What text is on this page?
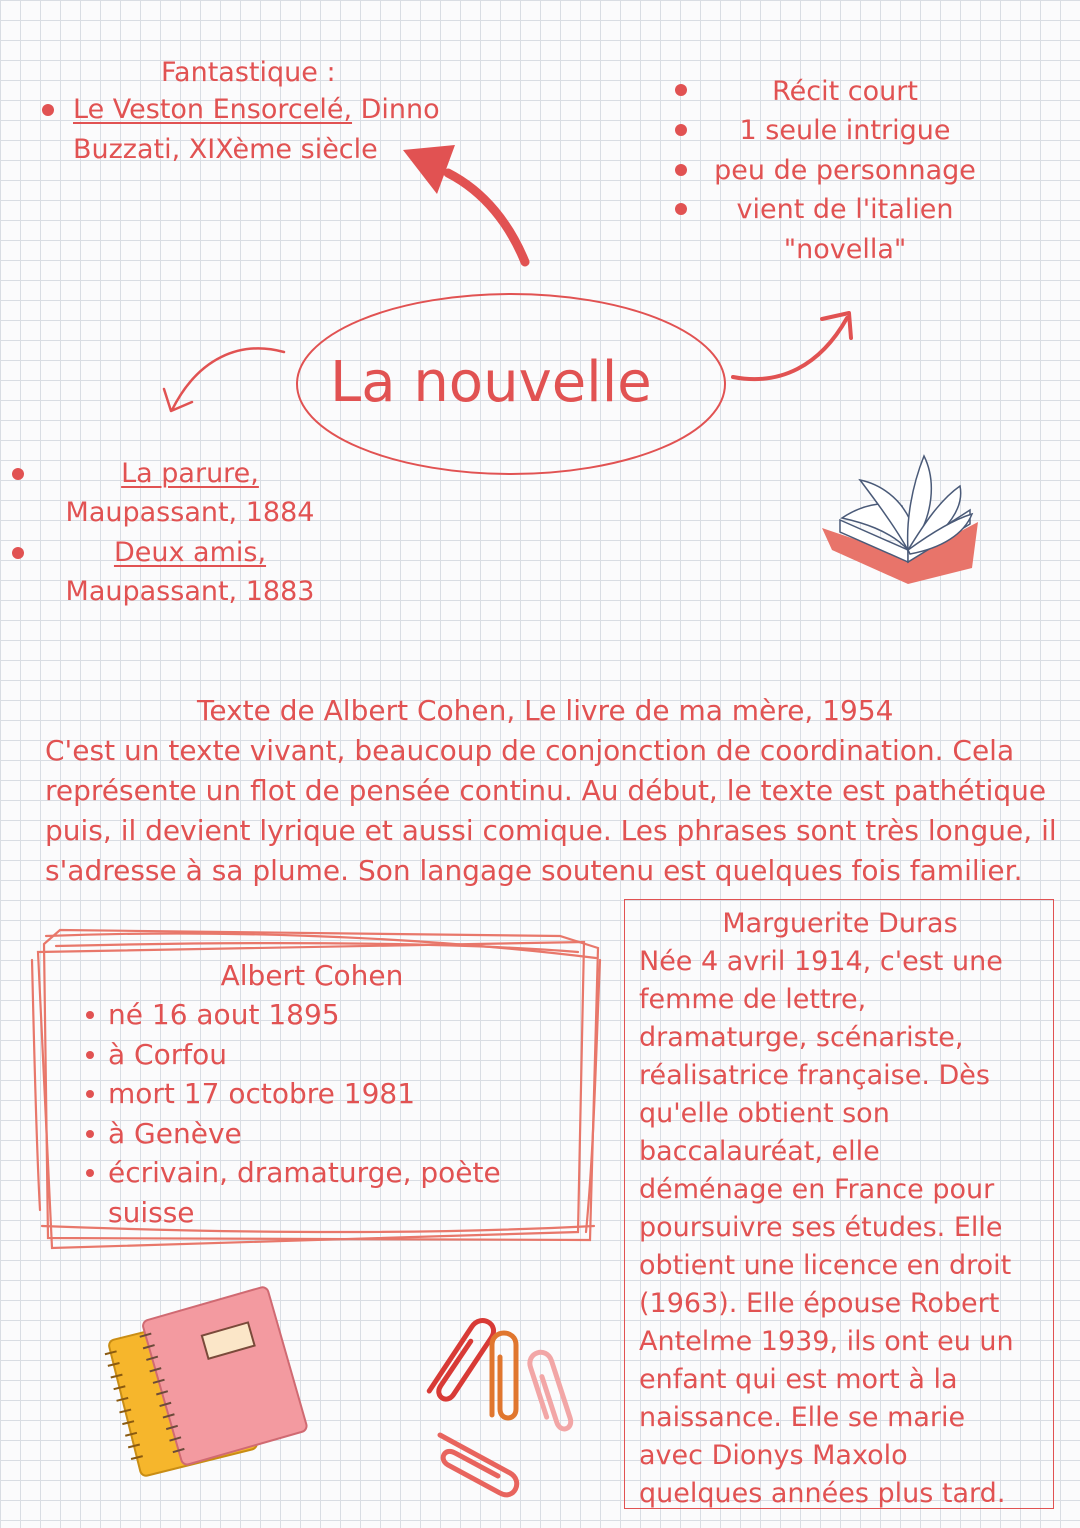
Fantastique :
Le Veston Ensorcelé, Dinno
Buzzati, XIXème siècle
Récit court
1 seule intrigue
peu de personnage
vient de l'italien
"novella"
La nouvelle
La parure,
Maupassant, 1884
Deux amis,
Maupassant, 1883
Texte de Albert Cohen, Le livre de ma mère, 1954
C'est un texte vivant, beaucoup de conjonction de coordination. Cela
représente un flot de pensée continu. Au début, le texte est pathétique
puis, il devient lyrique et aussi comique. Les phrases sont très longue, il
s'adresse à sa plume. Son langage soutenu est quelques fois familier.
Albert Cohen
né 16 aout 1895
à Corfou
mort 17 octobre 1981
à Genève
écrivain, dramaturge, poète
suisse
Marguerite Duras
Née 4 avril 1914, c'est une
femme de lettre,
dramaturge, scénariste,
réalisatrice française. Dès
qu'elle obtient son
baccalauréat, elle
déménage en France pour
poursuivre ses études. Elle
obtient une licence en droit
(1963). Elle épouse Robert
Antelme 1939, ils ont eu un
enfant qui est mort à la
naissance. Elle se marie
avec Dionys Maxolo
quelques années plus tard.
